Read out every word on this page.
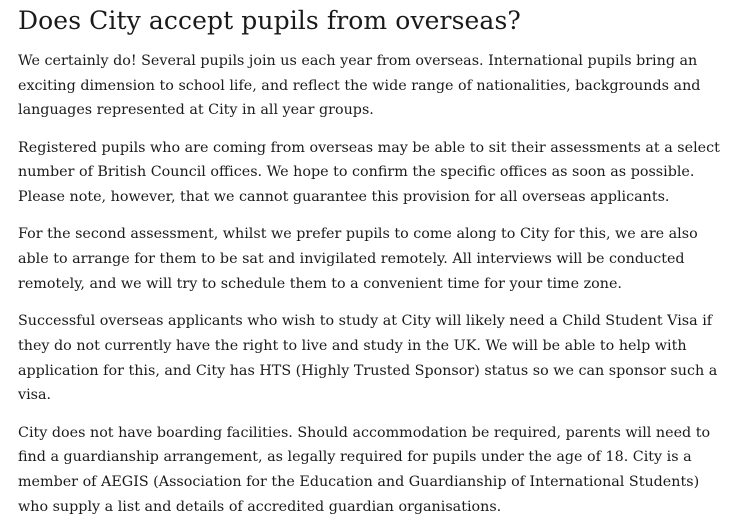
Does City accept pupils from overseas?

We certainly do! Several pupils join us each year from overseas. International pupils bring an
exciting dimension to school life, and reflect the wide range of nationalities, backgrounds and
languages represented at City in all year groups.

Registered pupils who are coming from overseas may be able to sit their assessments at a select
number of British Council offices. We hope to confirm the specific offices as soon as possible.
Please note, however, that we cannot guarantee this provision for all overseas applicants.

For the second assessment, whilst we prefer pupils to come along to City for this, we are also
able to arrange for them to be sat and invigilated remotely. All interviews will be conducted
remotely, and we will try to schedule them to a convenient time for your time zone.

Successful overseas applicants who wish to study at City will likely need a Child Student Visa if
they do not currently have the right to live and study in the UK. We will be able to help with
application for this, and City has HTS (Highly Trusted Sponsor) status so we can sponsor such a
visa.

City does not have boarding facilities. Should accommodation be required, parents will need to
find a guardianship arrangement, as legally required for pupils under the age of 18. City is a
member of AEGIS (Association for the Education and Guardianship of International Students)
who supply a list and details of accredited guardian organisations.
